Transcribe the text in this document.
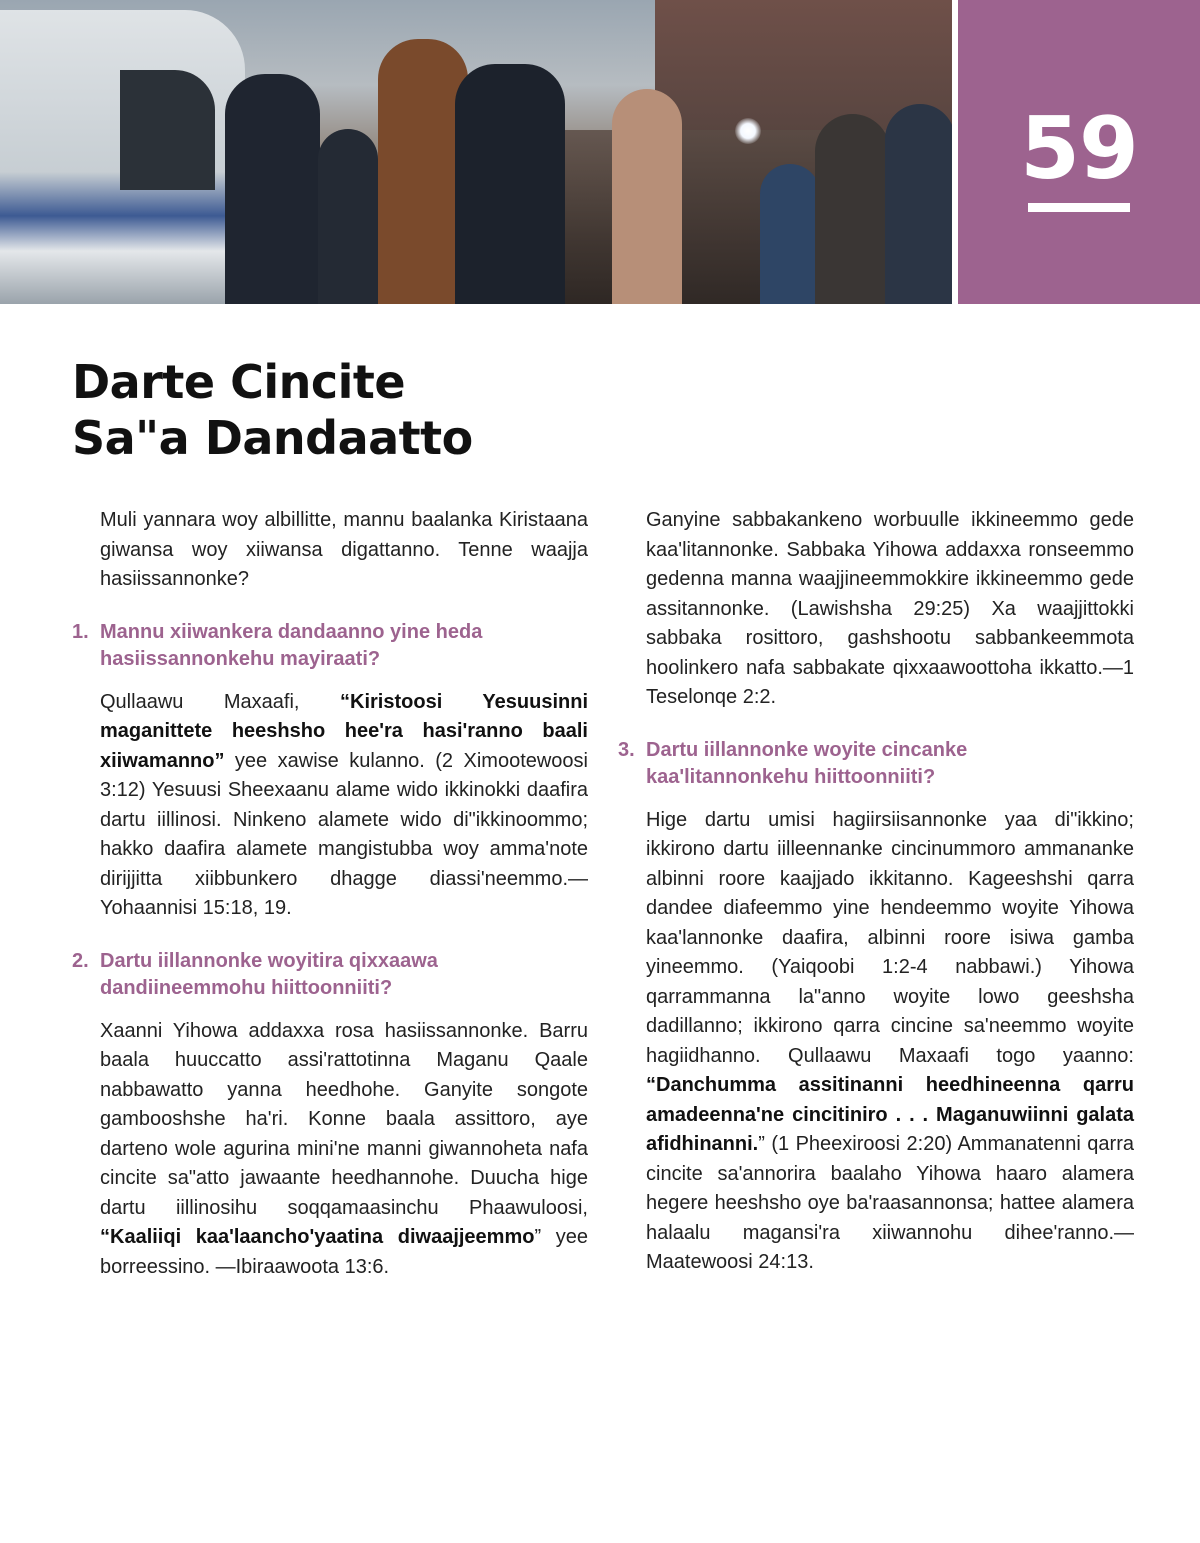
59
Darte Cincite
Sa"a Dandaatto

Muli yannara woy albillitte, mannu baalanka Kiristaana giwansa woy xiiwansa digattanno. Tenne waajja hasiissannonke?

1. Mannu xiiwankera dandaanno yine heda hasiissannonkehu mayiraati?

Qullaawu Maxaafi, “Kiristoosi Yesuusinni maganittete heeshsho hee'ra hasi'ranno baali xiiwamanno” yee xawise kulanno. (2 Ximootewoosi 3:12) Yesuusi Sheexaanu alame wido ikkinokki daafira dartu iillinosi. Ninkeno alamete wido di"ikkinoommo; hakko daafira alamete mangistubba woy amma'note dirijjitta xiibbunkero dhagge diassi'neemmo.—Yohaannisi 15:18, 19.

2. Dartu iillannonke woyitira qixxaawa dandiineemmohu hiittoonniiti?

Xaanni Yihowa addaxxa rosa hasiissannonke. Barru baala huuccatto assi'rattotinna Maganu Qaale nabbawatto yanna heedhohe. Ganyite songote gambooshshe ha'ri. Konne baala assittoro, aye darteno wole agurina mini'ne manni giwannoheta nafa cincite sa"atto jawaante heedhannohe. Duucha hige dartu iillinosihu soqqamaasinchu Phaawuloosi, “Kaaliiqi kaa'laancho'yaatina diwaajjeemmo” yee borreessino. —Ibiraawoota 13:6.

Ganyine sabbakankeno worbuulle ikkineemmo gede kaa'litannonke. Sabbaka Yihowa addaxxa ronseemmo gedenna manna waajjineemmokkire ikkineemmo gede assitannonke. (Lawishsha 29:25) Xa waajjittokki sabbaka rosittoro, gashshootu sabbankeemmota hoolinkero nafa sabbakate qixxaawoottoha ikkatto.—1 Teselonqe 2:2.

3. Dartu iillannonke woyite cincanke kaa'litannonkehu hiittoonniiti?

Hige dartu umisi hagiirsiisannonke yaa di"ikkino; ikkirono dartu iilleennanke cincinummoro ammananke albinni roore kaajjado ikkitanno. Kageeshshi qarra dandee diafeemmo yine hendeemmo woyite Yihowa kaa'lannonke daafira, albinni roore isiwa gamba yineemmo. (Yaiqoobi 1:2-4 nabbawi.) Yihowa qarrammanna la"anno woyite lowo geeshsha dadillanno; ikkirono qarra cincine sa'neemmo woyite hagiidhanno. Qullaawu Maxaafi togo yaanno: “Danchumma assitinanni heedhineenna qarru amadeenna'ne cincitiniro . . . Maganuwiinni galata afidhinanni.” (1 Pheexiroosi 2:20) Ammanatenni qarra cincite sa'annorira baalaho Yihowa haaro alamera hegere heeshsho oye ba'raasannonsa; hattee alamera halaalu magansi'ra xiiwannohu dihee'ranno.—Maatewoosi 24:13.
